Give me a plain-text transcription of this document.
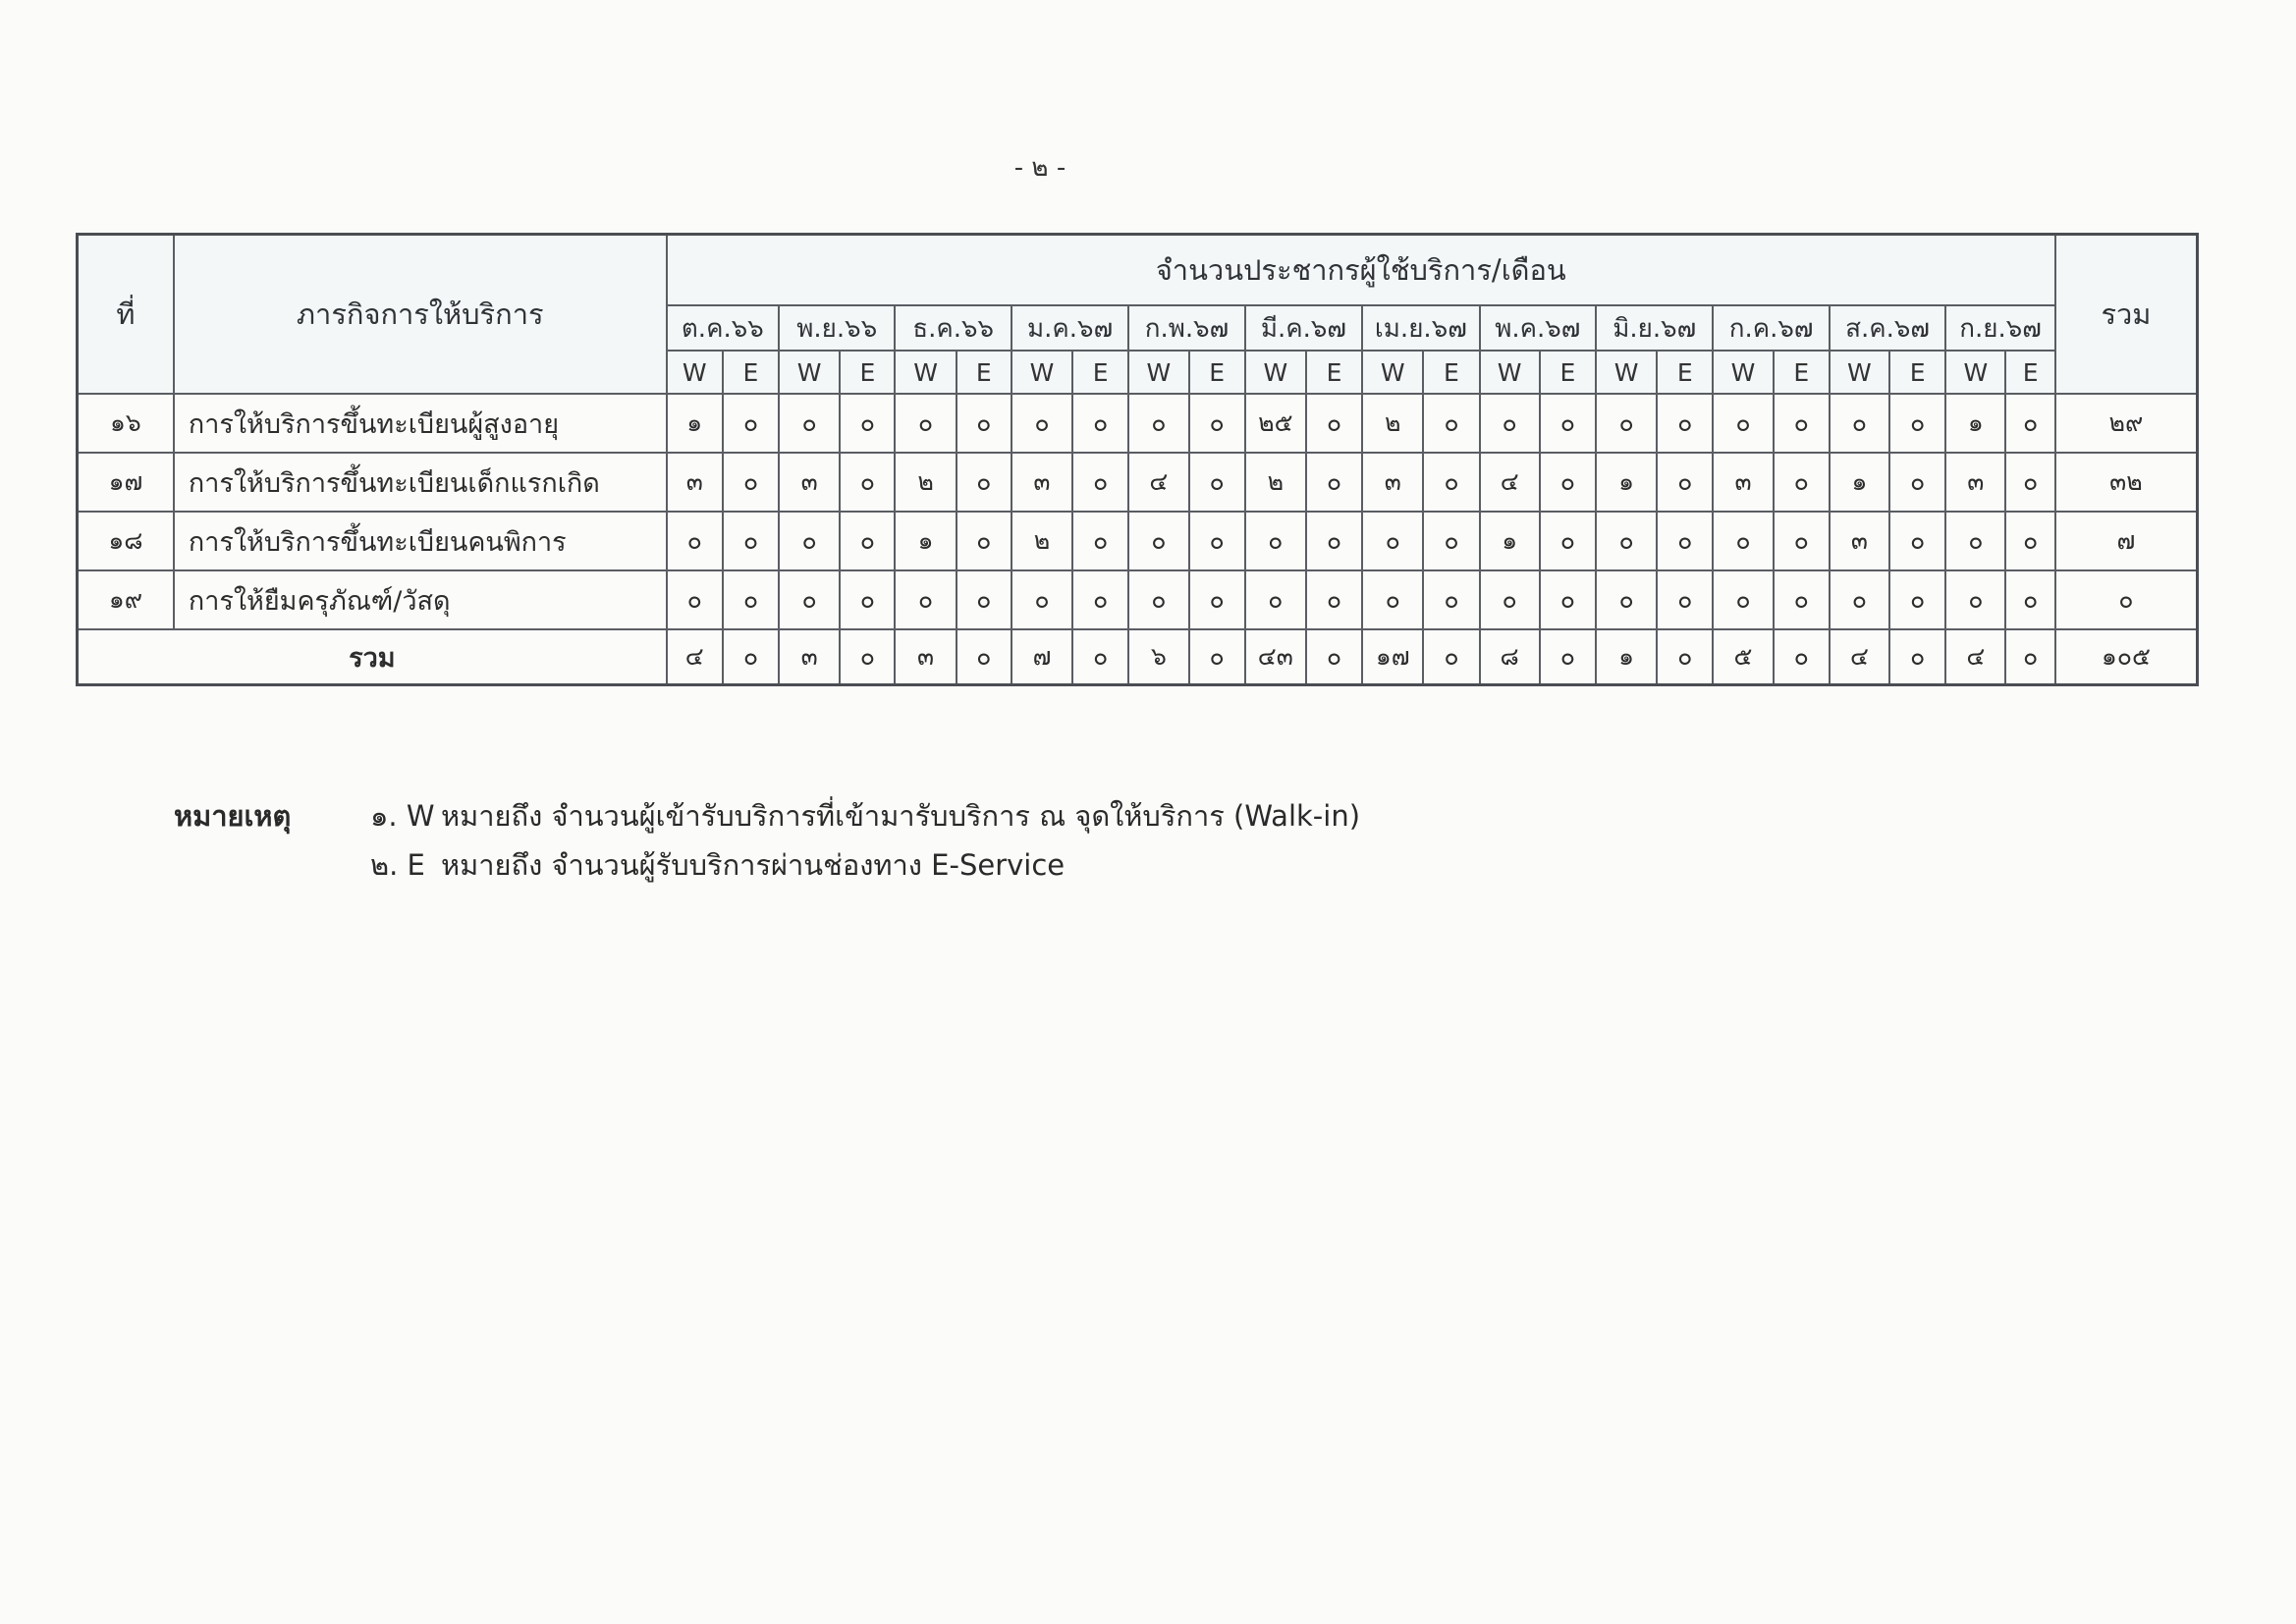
- ๒ -
ที่	ภารกิจการให้บริการ	จำนวนประชากรผู้ใช้บริการ/เดือน																								รวม
		ต.ค.๖๖		พ.ย.๖๖		ธ.ค.๖๖		ม.ค.๖๗		ก.พ.๖๗		มี.ค.๖๗		เม.ย.๖๗		พ.ค.๖๗		มิ.ย.๖๗		ก.ค.๖๗		ส.ค.๖๗		ก.ย.๖๗		
		W	E	W	E	W	E	W	E	W	E	W	E	W	E	W	E	W	E	W	E	W	E	W	E	
๑๖	การให้บริการขึ้นทะเบียนผู้สูงอายุ	๑	๐	๐	๐	๐	๐	๐	๐	๐	๐	๒๕	๐	๒	๐	๐	๐	๐	๐	๐	๐	๐	๐	๑	๐	๒๙
๑๗	การให้บริการขึ้นทะเบียนเด็กแรกเกิด	๓	๐	๓	๐	๒	๐	๓	๐	๔	๐	๒	๐	๓	๐	๔	๐	๑	๐	๓	๐	๑	๐	๓	๐	๓๒
๑๘	การให้บริการขึ้นทะเบียนคนพิการ	๐	๐	๐	๐	๑	๐	๒	๐	๐	๐	๐	๐	๐	๐	๑	๐	๐	๐	๐	๐	๓	๐	๐	๐	๗
๑๙	การให้ยืมครุภัณฑ์/วัสดุ	๐	๐	๐	๐	๐	๐	๐	๐	๐	๐	๐	๐	๐	๐	๐	๐	๐	๐	๐	๐	๐	๐	๐	๐	๐
รวม		๔	๐	๓	๐	๓	๐	๗	๐	๖	๐	๔๓	๐	๑๗	๐	๘	๐	๑	๐	๕	๐	๔	๐	๔	๐	๑๐๕
หมายเหตุ	๑. W หมายถึง จำนวนผู้เข้ารับบริการที่เข้ามารับบริการ ณ จุดให้บริการ (Walk-in)
๒. E หมายถึง จำนวนผู้รับบริการผ่านช่องทาง E-Service
